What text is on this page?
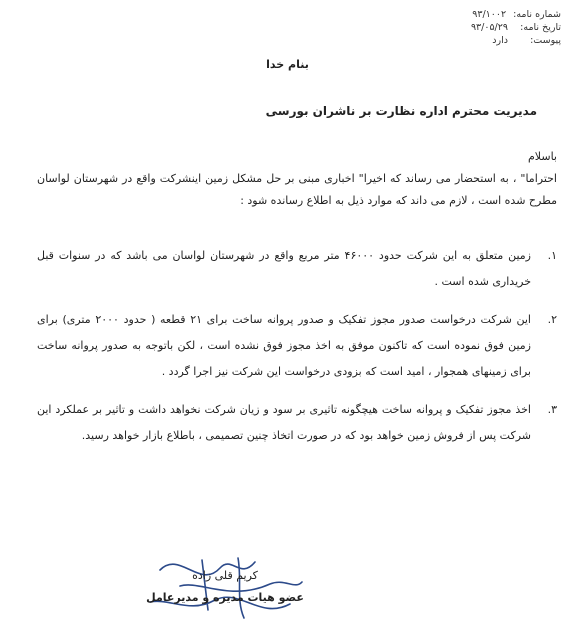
شماره نامه: ۹۳/۱۰۰۲
تاریخ نامه: ۹۳/۰۵/۲۹
پیوست: دارد
بنام خدا
مدیریت محترم اداره نظارت بر ناشران بورسی
باسلام
احتراما" ، به استحضار می رساند که اخیرا" اخباری مبنی بر حل مشکل زمین اینشرکت واقع در شهرستان لواسان مطرح شده است ، لازم می داند که موارد ذیل به اطلاع رسانده شود :
۱.
زمین متعلق به این شرکت حدود ۴۶۰۰۰ متر مربع واقع در شهرستان لواسان می باشد که در سنوات قبل خریداری شده است .
۲.
این شرکت درخواست صدور مجوز تفکیک و صدور پروانه ساخت برای ۲۱ قطعه ( حدود ۲۰۰۰ متری) برای زمین فوق نموده است که تاکنون موفق به اخذ مجوز فوق نشده است ، لکن باتوجه به صدور پروانه ساخت برای زمینهای همجوار ، امید است که بزودی درخواست این شرکت نیز اجرا گردد .
۳.
اخذ مجوز تفکیک و پروانه ساخت هیچگونه تاثیری بر سود و زیان شرکت نخواهد داشت و تاثیر بر عملکرد این شرکت پس از فروش زمین خواهد بود که در صورت اتخاذ چنین تصمیمی ، باطلاع بازار خواهد رسید.
کریم قلی زاده
عضو هیات مدیره و مدیرعامل
